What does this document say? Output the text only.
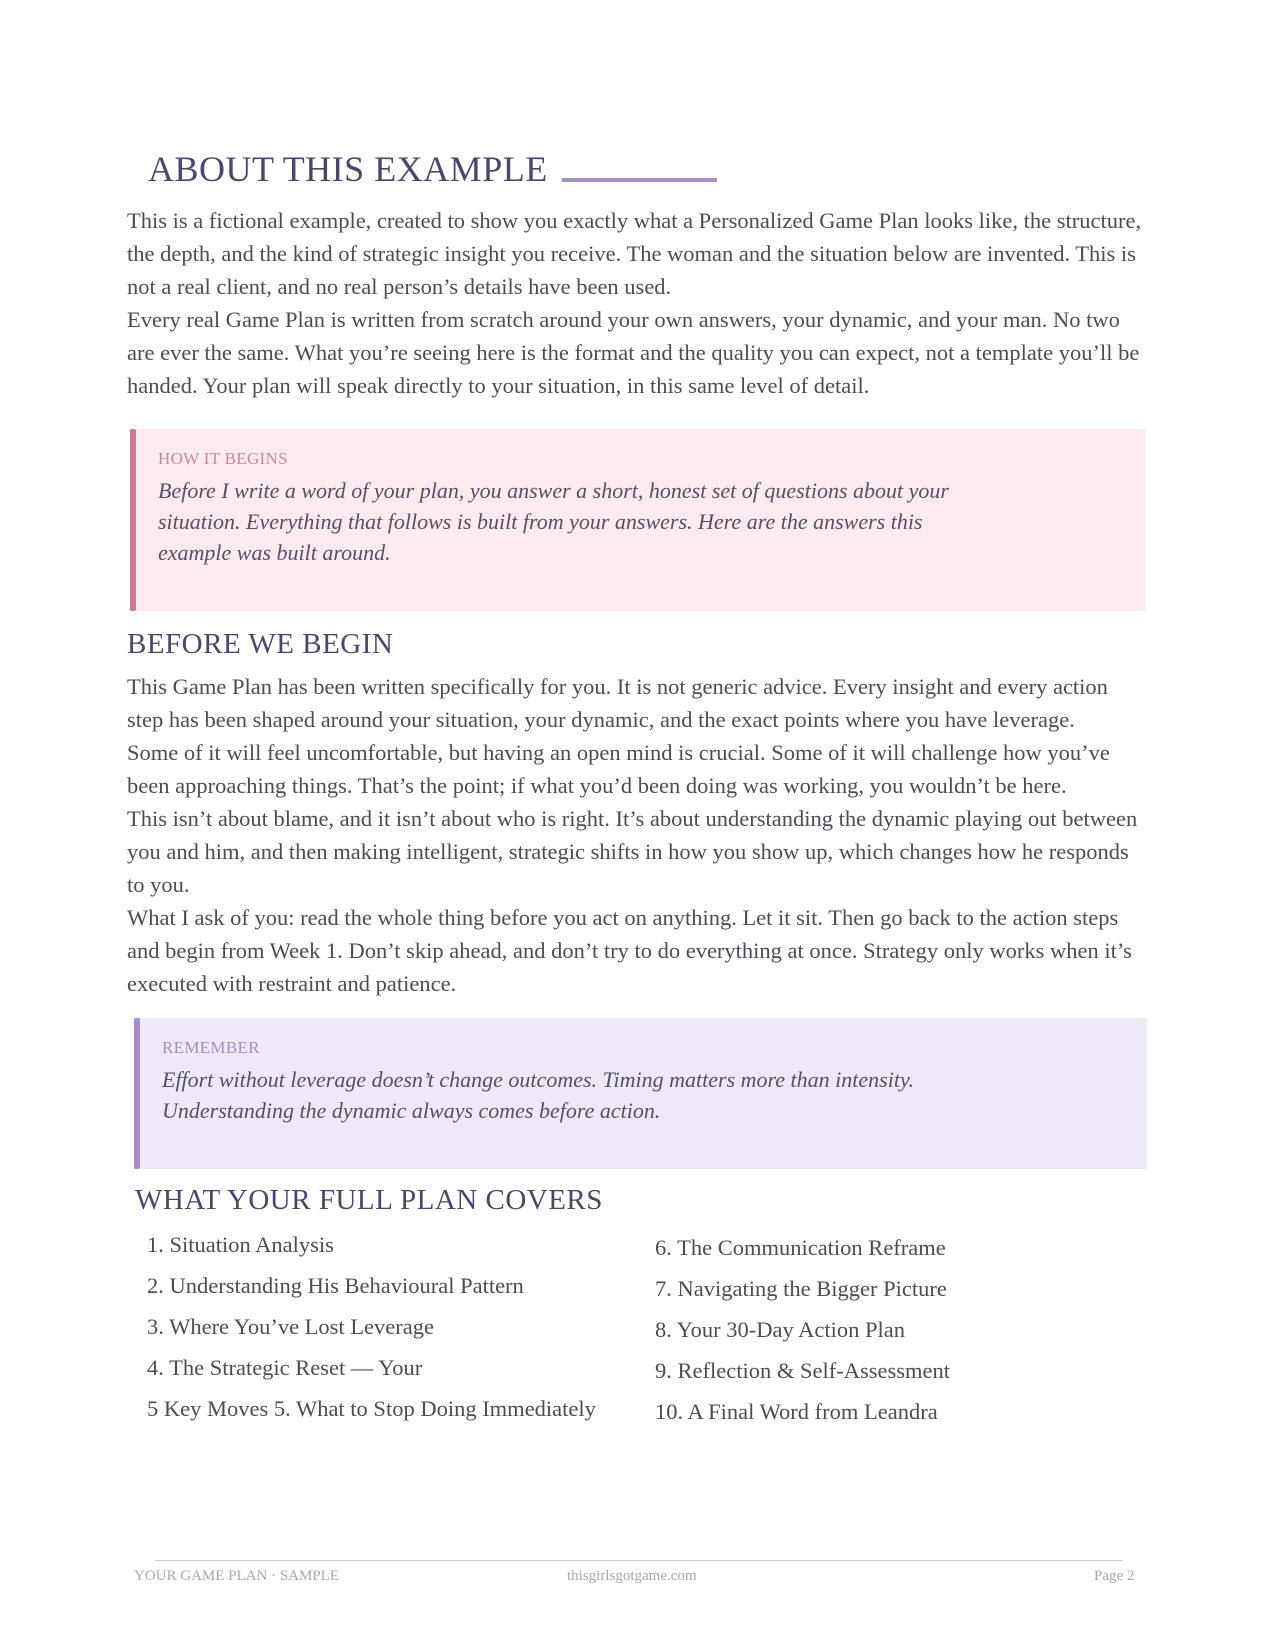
ABOUT THIS EXAMPLE

This is a fictional example, created to show you exactly what a Personalized Game Plan looks like, the structure, the depth, and the kind of strategic insight you receive. The woman and the situation below are invented. This is not a real client, and no real person’s details have been used.

Every real Game Plan is written from scratch around your own answers, your dynamic, and your man. No two are ever the same. What you’re seeing here is the format and the quality you can expect, not a template you’ll be handed. Your plan will speak directly to your situation, in this same level of detail.

HOW IT BEGINS
Before I write a word of your plan, you answer a short, honest set of questions about your situation. Everything that follows is built from your answers. Here are the answers this example was built around.
BEFORE WE BEGIN

This Game Plan has been written specifically for you. It is not generic advice. Every insight and every action step has been shaped around your situation, your dynamic, and the exact points where you have leverage.

Some of it will feel uncomfortable, but having an open mind is crucial. Some of it will challenge how you’ve been approaching things. That’s the point; if what you’d been doing was working, you wouldn’t be here.

This isn’t about blame, and it isn’t about who is right. It’s about understanding the dynamic playing out between you and him, and then making intelligent, strategic shifts in how you show up, which changes how he responds to you.

What I ask of you: read the whole thing before you act on anything. Let it sit. Then go back to the action steps and begin from Week 1. Don’t skip ahead, and don’t try to do everything at once. Strategy only works when it’s executed with restraint and patience.

REMEMBER
Effort without leverage doesn’t change outcomes. Timing matters more than intensity. Understanding the dynamic always comes before action.
WHAT YOUR FULL PLAN COVERS
1. Situation Analysis
2. Understanding His Behavioural Pattern
3. Where You’ve Lost Leverage
4. The Strategic Reset — Your
5 Key Moves 5. What to Stop Doing Immediately
6. The Communication Reframe
7. Navigating the Bigger Picture
8. Your 30-Day Action Plan
9. Reflection & Self-Assessment
10. A Final Word from Leandra
YOUR GAME PLAN · SAMPLE	thisgirlsgotgame.com	Page 2
